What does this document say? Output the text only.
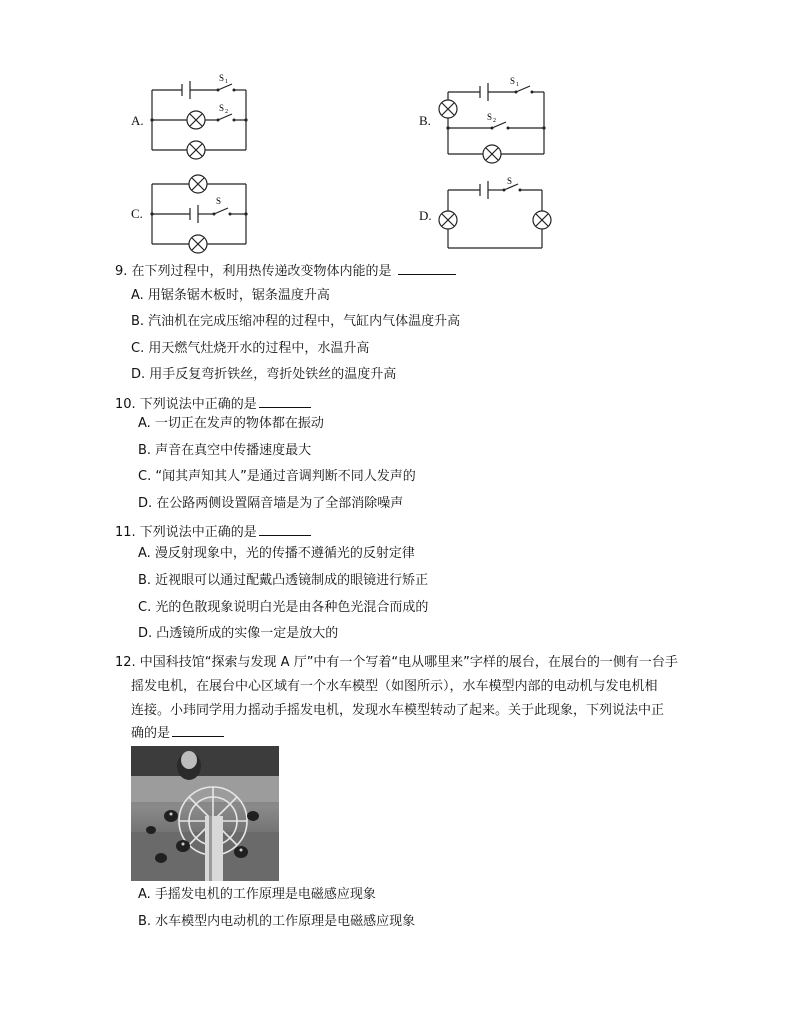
A.
S 1
S 2
B.
S 1
S 2
C.
S
D.
S
9. 在下列过程中，利用热传递改变物体内能的是
A. 用锯条锯木板时，锯条温度升高
B. 汽油机在完成压缩冲程的过程中，气缸内气体温度升高
C. 用天燃气灶烧开水的过程中，水温升高
D. 用手反复弯折铁丝，弯折处铁丝的温度升高
10. 下列说法中正确的是
A. 一切正在发声的物体都在振动
B. 声音在真空中传播速度最大
C. “闻其声知其人”是通过音调判断不同人发声的
D. 在公路两侧设置隔音墙是为了全部消除噪声
11. 下列说法中正确的是
A. 漫反射现象中，光的传播不遵循光的反射定律
B. 近视眼可以通过配戴凸透镜制成的眼镜进行矫正
C. 光的色散现象说明白光是由各种色光混合而成的
D. 凸透镜所成的实像一定是放大的
12. 中国科技馆“探索与发现 A 厅”中有一个写着“电从哪里来”字样的展台，在展台的一侧有一台手
摇发电机，在展台中心区域有一个水车模型（如图所示），水车模型内部的电动机与发电机相
连接。小玮同学用力摇动手摇发电机，发现水车模型转动了起来。关于此现象，下列说法中正
确的是
A. 手摇发电机的工作原理是电磁感应现象
B. 水车模型内电动机的工作原理是电磁感应现象
